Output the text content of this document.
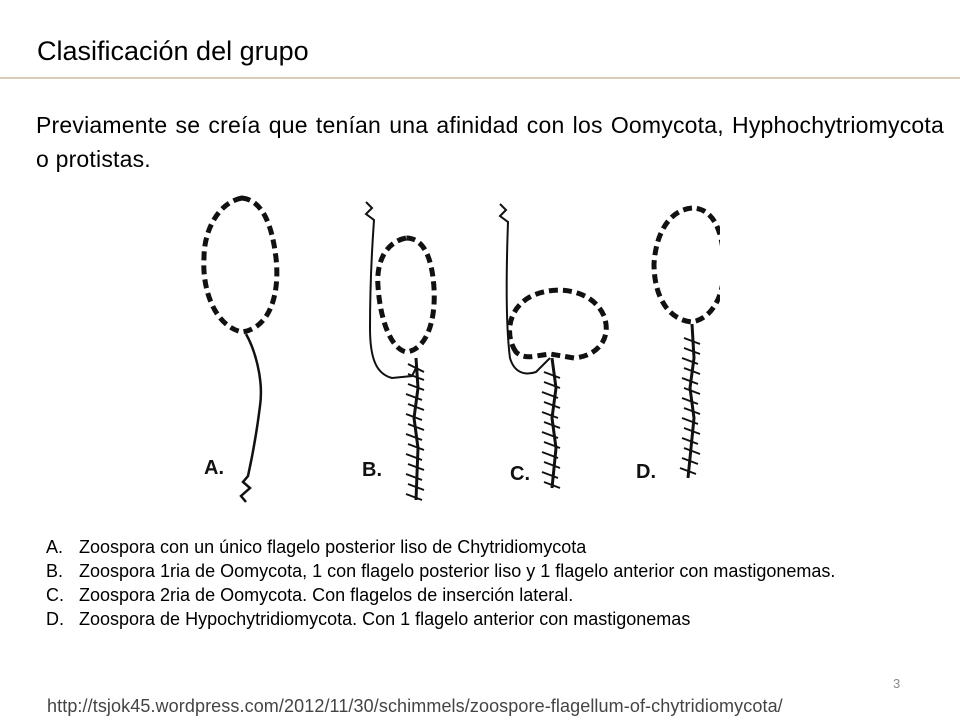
Clasificación del grupo

Previamente se creía que tenían una afinidad con los Oomycota, Hyphochytriomycota o protistas.

A.	B.	C.	D.
A. Zoospora con un único flagelo posterior liso de Chytridiomycota
B. Zoospora 1ria de Oomycota, 1 con flagelo posterior liso y 1 flagelo anterior con mastigonemas.
C. Zoospora 2ria de Oomycota. Con flagelos de inserción lateral.
D. Zoospora de Hypochytridiomycota. Con 1 flagelo anterior con mastigonemas
3
http://tsjok45.wordpress.com/2012/11/30/schimmels/zoospore-flagellum-of-chytridiomycota/
